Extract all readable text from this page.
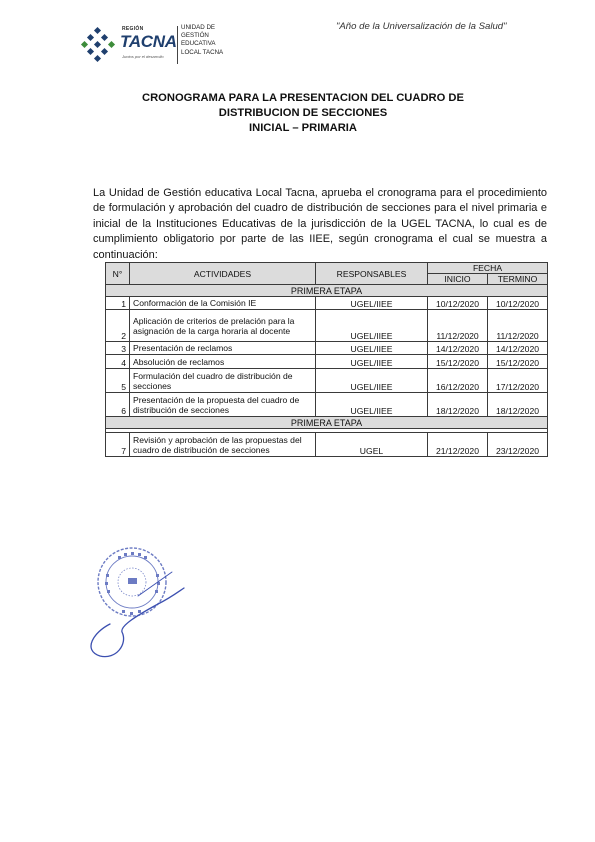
REGIÓN
TACNA
Juntos por el desarrollo
UNIDAD DE
GESTIÓN
EDUCATIVA
LOCAL TACNA
"Año de la Universalización de la Salud"
CRONOGRAMA PARA LA PRESENTACION DEL CUADRO DE
DISTRIBUCION DE SECCIONES
INICIAL – PRIMARIA
La Unidad de Gestión educativa Local Tacna, aprueba el cronograma para el procedimiento de formulación y aprobación del cuadro de distribución de secciones para el nivel primaria e inicial de la Instituciones Educativas de la jurisdicción de la UGEL TACNA, lo cual es de cumplimiento obligatorio por parte de las IIEE, según cronograma el cual se muestra a continuación:
N°	ACTIVIDADES	RESPONSABLES	FECHA	
			INICIO	TERMINO
PRIMERA ETAPA				
1	Conformación de la Comisión IE	UGEL/IIEE	10/12/2020	10/12/2020
2	Aplicación de criterios de prelación para la asignación de la carga horaria al docente	UGEL/IIEE	11/12/2020	11/12/2020
3	Presentación de reclamos	UGEL/IIEE	14/12/2020	14/12/2020
4	Absolución de reclamos	UGEL/IIEE	15/12/2020	15/12/2020
5	Formulación del cuadro de distribución de secciones	UGEL/IIEE	16/12/2020	17/12/2020
6	Presentación de la propuesta del cuadro de distribución de secciones	UGEL/IIEE	18/12/2020	18/12/2020
PRIMERA ETAPA				

7	Revisión y aprobación de las propuestas del cuadro de distribución de secciones	UGEL	21/12/2020	23/12/2020
